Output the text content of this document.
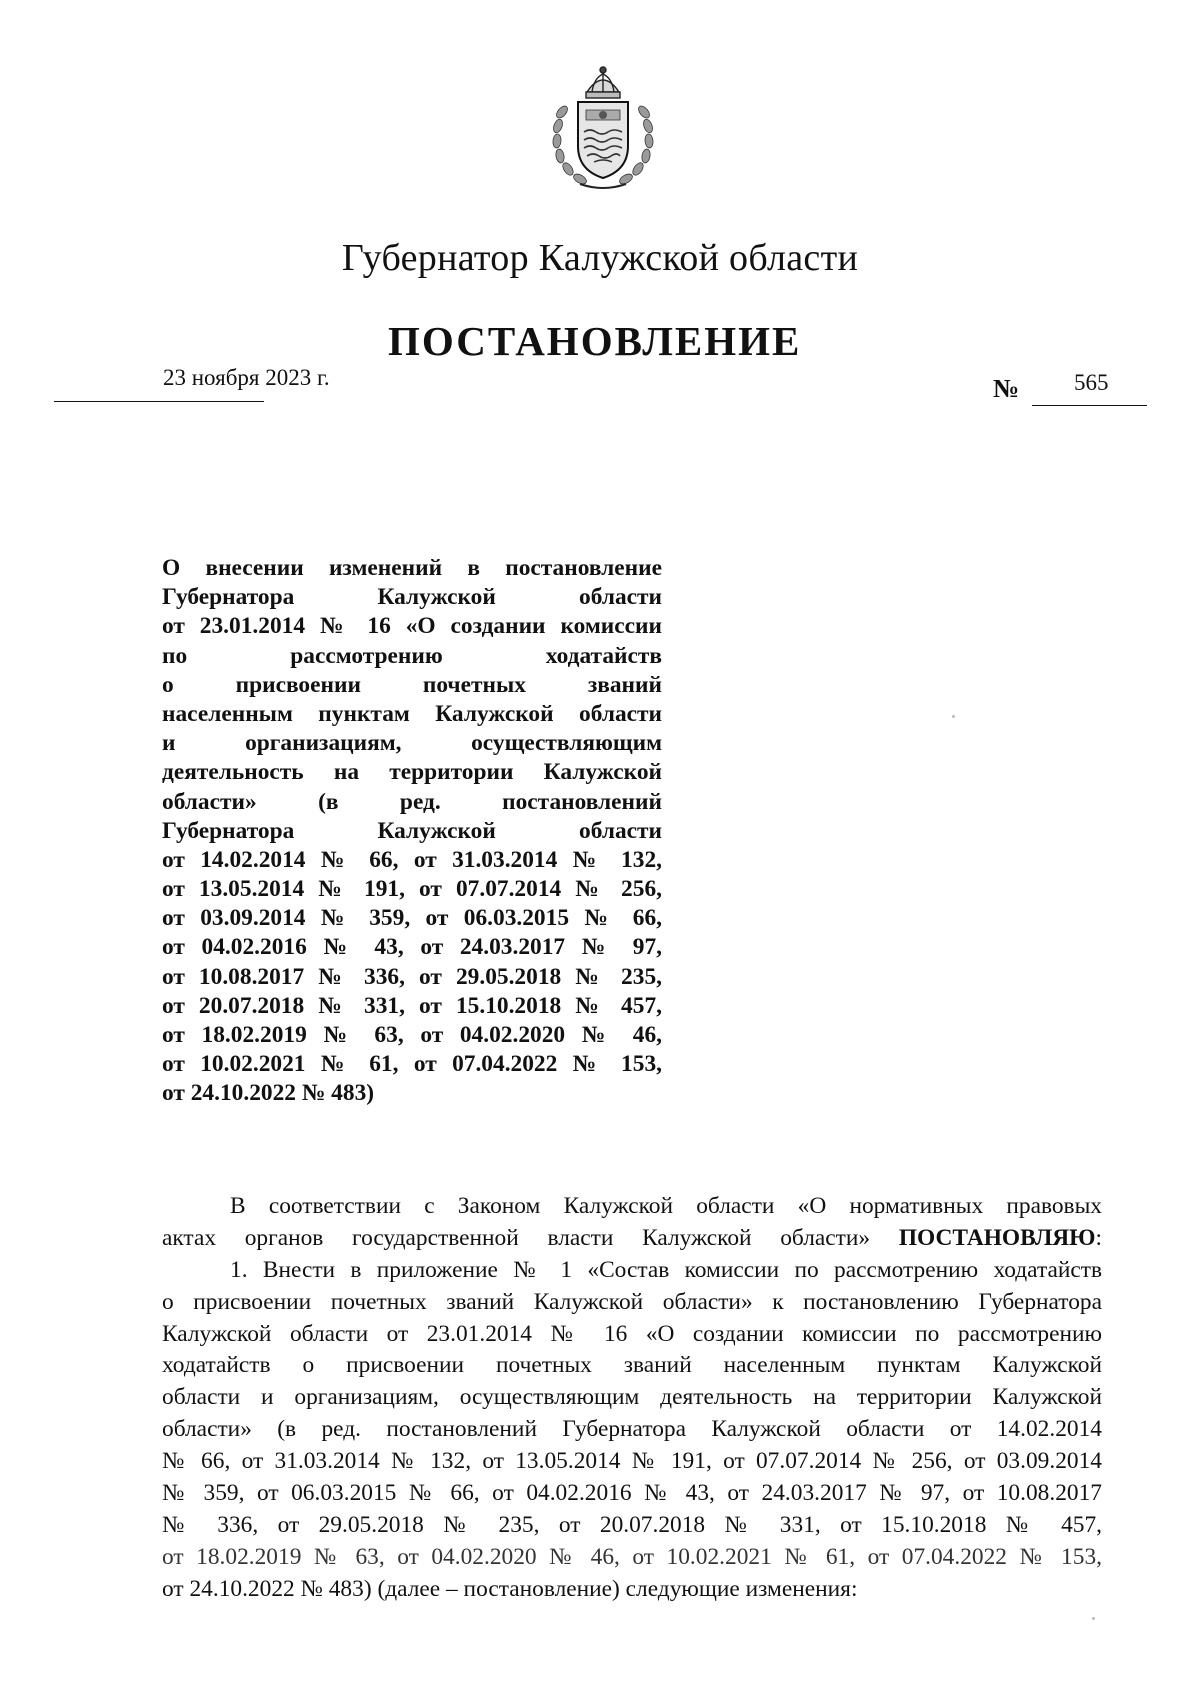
Губернатор Калужской области
ПОСТАНОВЛЕНИЕ
23 ноября 2023 г.	№ 565
О внесении изменений в постановление
Губернатора Калужской области
от 23.01.2014 № 16 «О создании комиссии
по рассмотрению ходатайств
о присвоении почетных званий
населенным пунктам Калужской области
и организациям, осуществляющим
деятельность на территории Калужской
области» (в ред. постановлений
Губернатора Калужской области
от 14.02.2014 № 66, от 31.03.2014 № 132,
от 13.05.2014 № 191, от 07.07.2014 № 256,
от 03.09.2014 № 359, от 06.03.2015 № 66,
от 04.02.2016 № 43, от 24.03.2017 № 97,
от 10.08.2017 № 336, от 29.05.2018 № 235,
от 20.07.2018 № 331, от 15.10.2018 № 457,
от 18.02.2019 № 63, от 04.02.2020 № 46,
от 10.02.2021 № 61, от 07.04.2022 № 153,
от 24.10.2022 № 483)
В соответствии с Законом Калужской области «О нормативных правовых
актах органов государственной власти Калужской области» ПОСТАНОВЛЯЮ:
1. Внести в приложение № 1 «Состав комиссии по рассмотрению ходатайств
о присвоении почетных званий Калужской области» к постановлению Губернатора
Калужской области от 23.01.2014 № 16 «О создании комиссии по рассмотрению
ходатайств о присвоении почетных званий населенным пунктам Калужской
области и организациям, осуществляющим деятельность на территории Калужской
области» (в ред. постановлений Губернатора Калужской области от 14.02.2014
№ 66, от 31.03.2014 № 132, от 13.05.2014 № 191, от 07.07.2014 № 256, от 03.09.2014
№ 359, от 06.03.2015 № 66, от 04.02.2016 № 43, от 24.03.2017 № 97, от 10.08.2017
№ 336, от 29.05.2018 № 235, от 20.07.2018 № 331, от 15.10.2018 № 457,
от 18.02.2019 № 63, от 04.02.2020 № 46, от 10.02.2021 № 61, от 07.04.2022 № 153,
от 24.10.2022 № 483) (далее – постановление) следующие изменения:
